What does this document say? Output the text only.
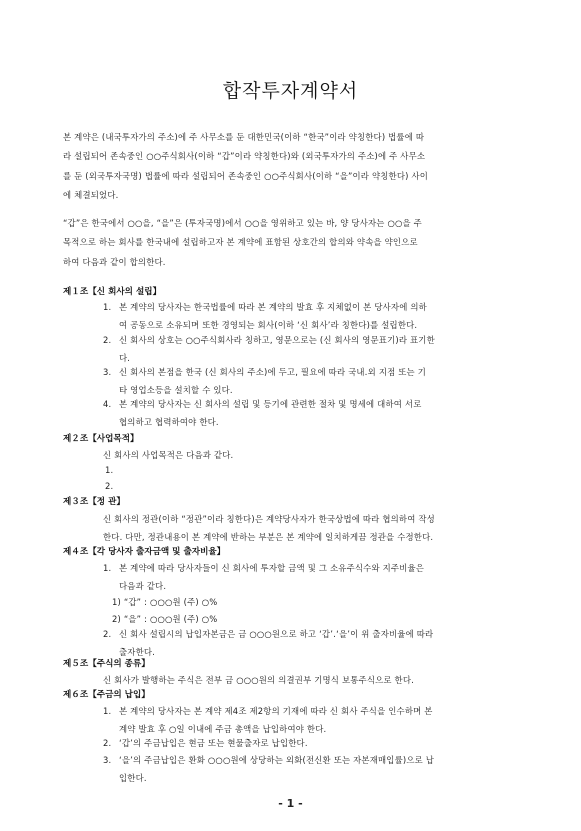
합작투자계약서
본 계약은 (내국투자가의 주소)에 주 사무소를 둔 대한민국(이하 “한국”이라 약칭한다) 법률에 따
라 설립되어 존속중인 ○○주식회사(이하 “갑”이라 약칭한다)와 (외국투자가의 주소)에 주 사무소
를 둔 (외국투자국명) 법률에 따라 설립되어 존속중인 ○○주식회사(이하 “을”이라 약칭한다) 사이
에 체결되었다.
“갑”은 한국에서 ○○을, “을”은 (투자국명)에서 ○○을 영위하고 있는 바, 양 당사자는 ○○을 주
목적으로 하는 회사를 한국내에 설립하고자 본 계약에 표함된 상호간의 합의와 약속을 약인으로
하여 다음과 같이 합의한다.
제１조【신 회사의 설립】
1. 본 계약의 당사자는 한국법률에 따라 본 계약의 발효 후 지체없이 본 당사자에 의하
여 공동으로 소유되며 또한 경영되는 회사(이하 ‘신 회사’라 칭한다)를 설립한다.
2. 신 회사의 상호는 ○○주식회사라 칭하고, 영문으로는 (신 회사의 영문표기)라 표기한
다.
3. 신 회사의 본점을 한국 (신 회사의 주소)에 두고, 필요에 따라 국내․외 지점 또는 기
타 영업소등을 설치할 수 있다.
4. 본 계약의 당사자는 신 회사의 설립 및 등기에 관련한 절차 및 명세에 대하여 서로
협의하고 협력하여야 한다.
제２조【사업목적】
신 회사의 사업목적은 다음과 같다.
1.
2.
제３조【정 관】
신 회사의 정관(이하 “정관”이라 칭한다)은 계약당사자가 한국상법에 따라 협의하여 작성
한다. 다만, 정관내용이 본 계약에 반하는 부분은 본 계약에 일치하게끔 정관을 수정한다.
제４조【각 당사자 출자금액 및 출자비율】
1. 본 계약에 따라 당사자들이 신 회사에 투자할 금액 및 그 소유주식수와 지주비율은
다음과 같다.
1) “갑” : ○○○원 (주) ○%
2) “을” : ○○○원 (주) ○%
2. 신 회사 설립시의 납입자본금은 금 ○○○원으로 하고 ‘갑’․‘을’이 위 출자비율에 따라
출자한다.
제５조【주식의 종류】
신 회사가 발행하는 주식은 전부 금 ○○○원의 의결권부 기명식 보통주식으로 한다.
제６조【주금의 납입】
1. 본 계약의 당사자는 본 계약 제4조 제2항의 기재에 따라 신 회사 주식을 인수하며 본
계약 발효 후 ○일 이내에 주금 총액을 납입하여야 한다.
2. ‘갑’의 주금납입은 현금 또는 현물출자로 납입한다.
3. ‘을’의 주금납입은 환화 ○○○원에 상당하는 외화(전신환 또는 자본재매입률)으로 납
입한다.
- 1 -
